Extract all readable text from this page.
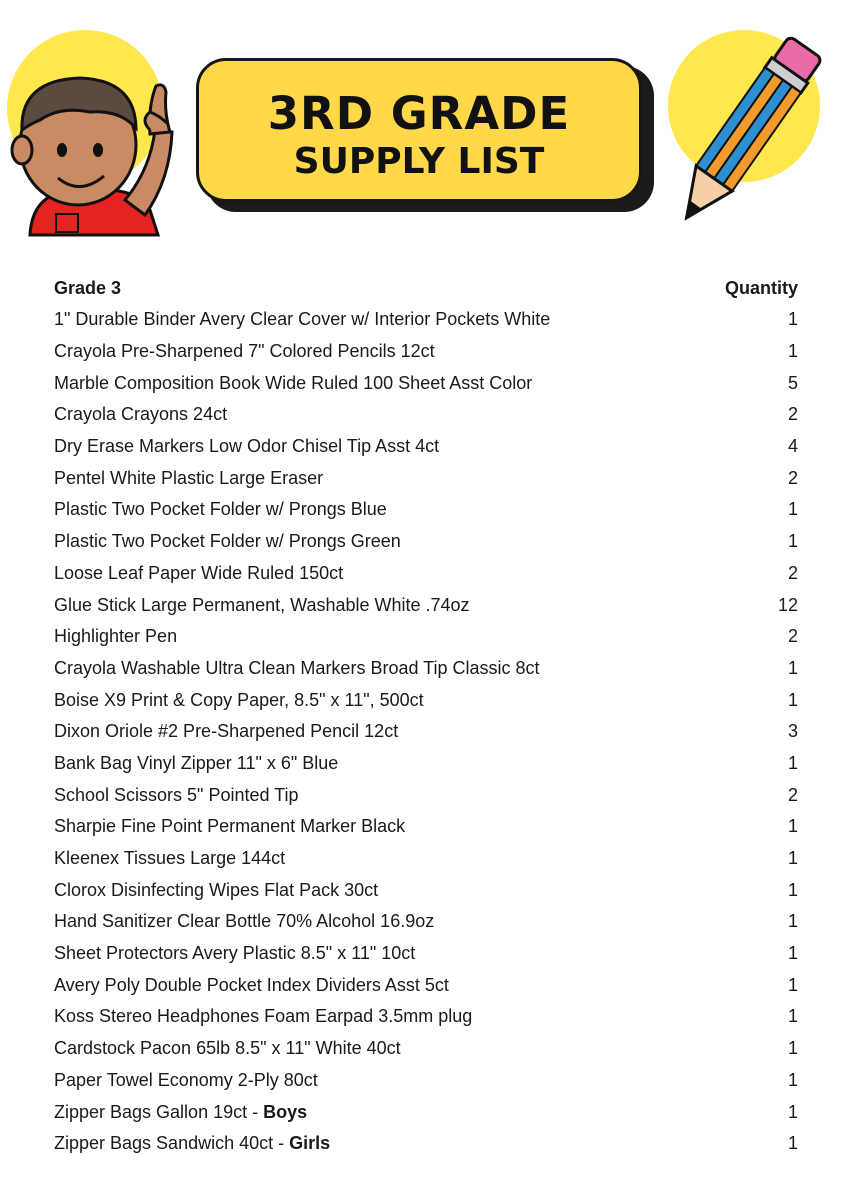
3RD GRADE
SUPPLY LIST
Grade 3	Quantity
1" Durable Binder Avery Clear Cover w/ Interior Pockets White	1
Crayola Pre-Sharpened 7" Colored Pencils 12ct	1
Marble Composition Book Wide Ruled 100 Sheet Asst Color	5
Crayola Crayons 24ct	2
Dry Erase Markers Low Odor Chisel Tip Asst 4ct	4
Pentel White Plastic Large Eraser	2
Plastic Two Pocket Folder w/ Prongs Blue	1
Plastic Two Pocket Folder w/ Prongs Green	1
Loose Leaf Paper Wide Ruled 150ct	2
Glue Stick Large Permanent, Washable White .74oz	12
Highlighter Pen	2
Crayola Washable Ultra Clean Markers Broad Tip Classic 8ct	1
Boise X9 Print & Copy Paper, 8.5" x 11", 500ct	1
Dixon Oriole #2 Pre-Sharpened Pencil 12ct	3
Bank Bag Vinyl Zipper 11" x 6" Blue	1
School Scissors 5" Pointed Tip	2
Sharpie Fine Point Permanent Marker Black	1
Kleenex Tissues Large 144ct	1
Clorox Disinfecting Wipes Flat Pack 30ct	1
Hand Sanitizer Clear Bottle 70% Alcohol 16.9oz	1
Sheet Protectors Avery Plastic 8.5" x 11" 10ct	1
Avery Poly Double Pocket Index Dividers Asst 5ct	1
Koss Stereo Headphones Foam Earpad 3.5mm plug	1
Cardstock Pacon 65lb 8.5" x 11" White 40ct	1
Paper Towel Economy 2-Ply 80ct	1
Zipper Bags Gallon 19ct - Boys	1
Zipper Bags Sandwich 40ct - Girls	1
